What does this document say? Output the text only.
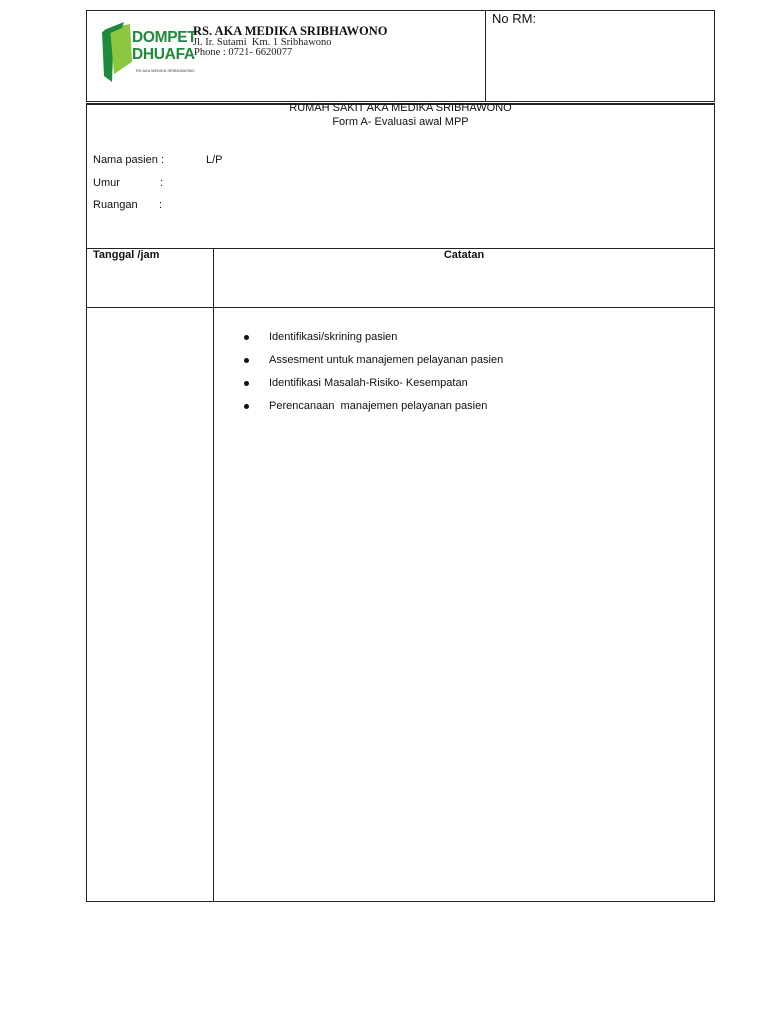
DOMPET
DHUAFA
RS AKA MEDIKA SRIBHAWONO
RS. AKA MEDIKA SRIBHAWONO
Jl. Ir. Sutami  Km. 1 Sribhawono
Phone : 0721- 6620077
No RM:
RUMAH SAKIT AKA MEDIKA SRIBHAWONO
Form A- Evaluasi awal MPP
Nama pasien :	L/P
Umur	:
Ruangan :
Tanggal /jam	Catatan

Identifikasi/skrining pasien

Assesment untuk manajemen pelayanan pasien

Identifikasi Masalah-Risiko- Kesempatan

Perencanaan  manajemen pelayanan pasien
